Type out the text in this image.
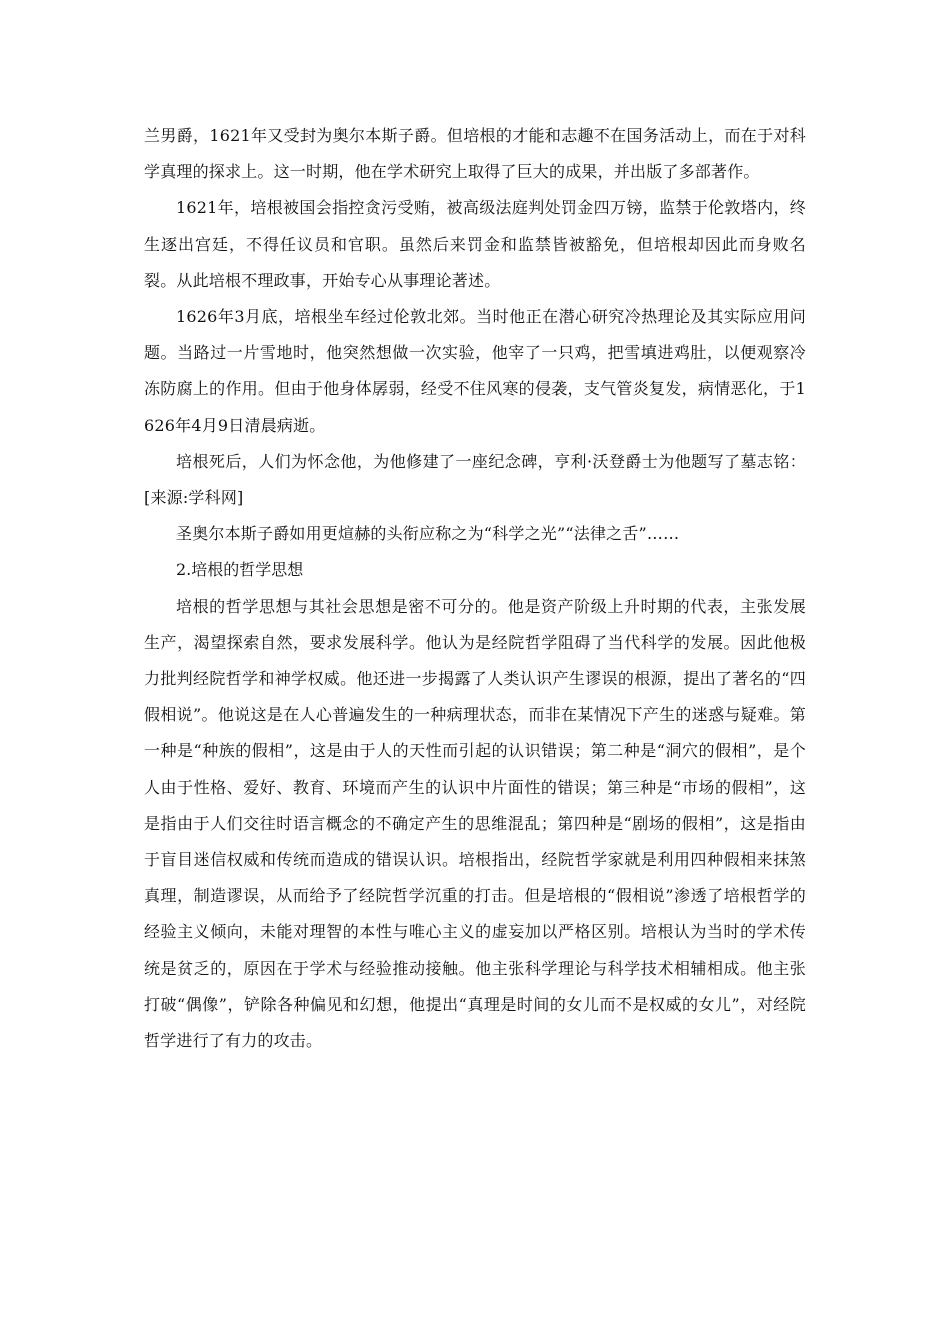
兰男爵，1621年又受封为奥尔本斯子爵。但培根的才能和志趣不在国务活动上，而在于对科学真理的探求上。这一时期，他在学术研究上取得了巨大的成果，并出版了多部著作。

1621年，培根被国会指控贪污受贿，被高级法庭判处罚金四万镑，监禁于伦敦塔内，终生逐出宫廷，不得任议员和官职。虽然后来罚金和监禁皆被豁免，但培根却因此而身败名裂。从此培根不理政事，开始专心从事理论著述。

1626年3月底，培根坐车经过伦敦北郊。当时他正在潜心研究冷热理论及其实际应用问题。当路过一片雪地时，他突然想做一次实验，他宰了一只鸡，把雪填进鸡肚，以便观察冷冻防腐上的作用。但由于他身体孱弱，经受不住风寒的侵袭，支气管炎复发，病情恶化，于1626年4月9日清晨病逝。

培根死后，人们为怀念他，为他修建了一座纪念碑，亨利·沃登爵士为他题写了墓志铭：[来源:学科网]

圣奥尔本斯子爵如用更煊赫的头衔应称之为“科学之光”“法律之舌”……

2.培根的哲学思想

培根的哲学思想与其社会思想是密不可分的。他是资产阶级上升时期的代表，主张发展生产，渴望探索自然，要求发展科学。他认为是经院哲学阻碍了当代科学的发展。因此他极力批判经院哲学和神学权威。他还进一步揭露了人类认识产生谬误的根源，提出了著名的“四假相说”。他说这是在人心普遍发生的一种病理状态，而非在某情况下产生的迷惑与疑难。第一种是“种族的假相”，这是由于人的天性而引起的认识错误；第二种是“洞穴的假相”，是个人由于性格、爱好、教育、环境而产生的认识中片面性的错误；第三种是“市场的假相”，这是指由于人们交往时语言概念的不确定产生的思维混乱；第四种是“剧场的假相”，这是指由于盲目迷信权威和传统而造成的错误认识。培根指出，经院哲学家就是利用四种假相来抹煞真理，制造谬误，从而给予了经院哲学沉重的打击。但是培根的“假相说”渗透了培根哲学的经验主义倾向，未能对理智的本性与唯心主义的虚妄加以严格区别。培根认为当时的学术传统是贫乏的，原因在于学术与经验推动接触。他主张科学理论与科学技术相辅相成。他主张打破“偶像”，铲除各种偏见和幻想，他提出“真理是时间的女儿而不是权威的女儿”，对经院哲学进行了有力的攻击。
